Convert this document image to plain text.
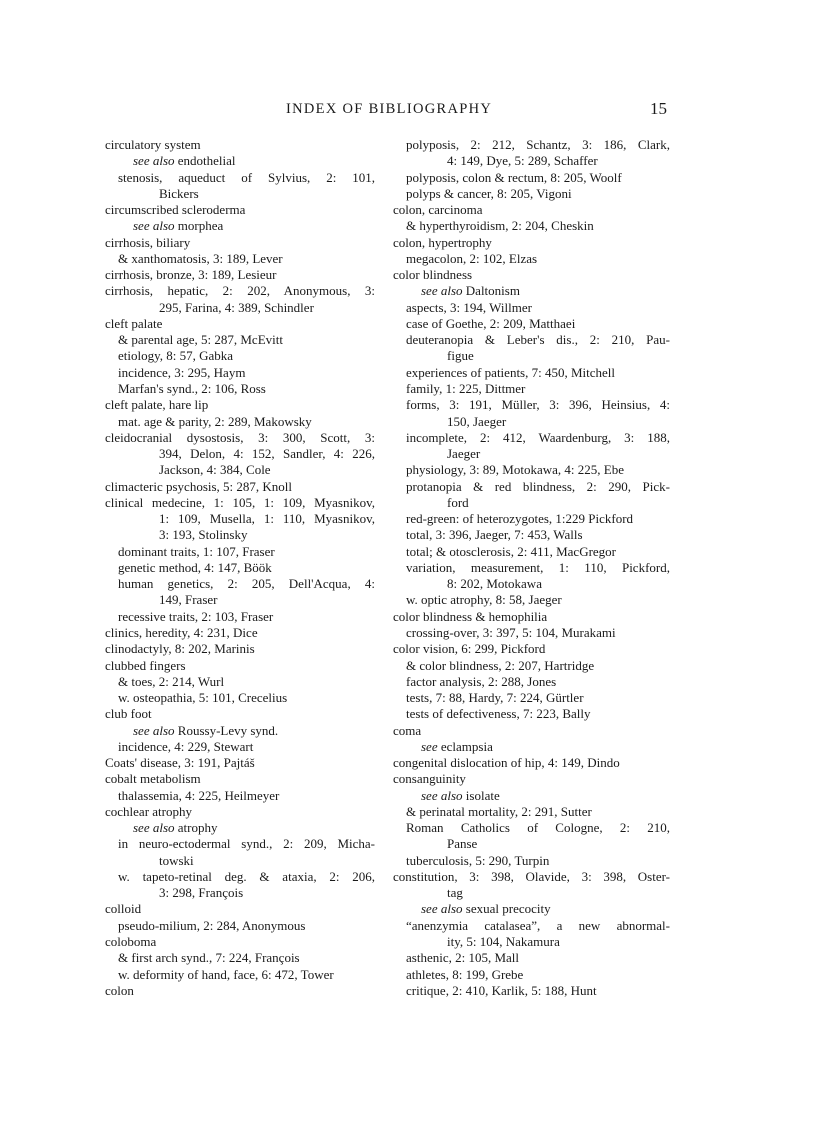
INDEX OF BIBLIOGRAPHY	15
circulatory system
see also endothelial
stenosis, aqueduct of Sylvius, 2: 101,
Bickers
circumscribed scleroderma
see also morphea
cirrhosis, biliary
& xanthomatosis, 3: 189, Lever
cirrhosis, bronze, 3: 189, Lesieur
cirrhosis, hepatic, 2: 202, Anonymous, 3:
295, Farina, 4: 389, Schindler
cleft palate
& parental age, 5: 287, McEvitt
etiology, 8: 57, Gabka
incidence, 3: 295, Haym
Marfan's synd., 2: 106, Ross
cleft palate, hare lip
mat. age & parity, 2: 289, Makowsky
cleidocranial dysostosis, 3: 300, Scott, 3:
394, Delon, 4: 152, Sandler, 4: 226,
Jackson, 4: 384, Cole
climacteric psychosis, 5: 287, Knoll
clinical medecine, 1: 105, 1: 109, Myasnikov,
1: 109, Musella, 1: 110, Myasnikov,
3: 193, Stolinsky
dominant traits, 1: 107, Fraser
genetic method, 4: 147, Böök
human genetics, 2: 205, Dell'Acqua, 4:
149, Fraser
recessive traits, 2: 103, Fraser
clinics, heredity, 4: 231, Dice
clinodactyly, 8: 202, Marinis
clubbed fingers
& toes, 2: 214, Wurl
w. osteopathia, 5: 101, Crecelius
club foot
see also Roussy-Levy synd.
incidence, 4: 229, Stewart
Coats' disease, 3: 191, Pajtáš
cobalt metabolism
thalassemia, 4: 225, Heilmeyer
cochlear atrophy
see also atrophy
in neuro-ectodermal synd., 2: 209, Micha-
towski
w. tapeto-retinal deg. & ataxia, 2: 206,
3: 298, François
colloid
pseudo-milium, 2: 284, Anonymous
coloboma
& first arch synd., 7: 224, François
w. deformity of hand, face, 6: 472, Tower
colon
polyposis, 2: 212, Schantz, 3: 186, Clark,
4: 149, Dye, 5: 289, Schaffer
polyposis, colon & rectum, 8: 205, Woolf
polyps & cancer, 8: 205, Vigoni
colon, carcinoma
& hyperthyroidism, 2: 204, Cheskin
colon, hypertrophy
megacolon, 2: 102, Elzas
color blindness
see also Daltonism
aspects, 3: 194, Willmer
case of Goethe, 2: 209, Matthaei
deuteranopia & Leber's dis., 2: 210, Pau-
figue
experiences of patients, 7: 450, Mitchell
family, 1: 225, Dittmer
forms, 3: 191, Müller, 3: 396, Heinsius, 4:
150, Jaeger
incomplete, 2: 412, Waardenburg, 3: 188,
Jaeger
physiology, 3: 89, Motokawa, 4: 225, Ebe
protanopia & red blindness, 2: 290, Pick-
ford
red-green: of heterozygotes, 1:229 Pickford
total, 3: 396, Jaeger, 7: 453, Walls
total; & otosclerosis, 2: 411, MacGregor
variation, measurement, 1: 110, Pickford,
8: 202, Motokawa
w. optic atrophy, 8: 58, Jaeger
color blindness & hemophilia
crossing-over, 3: 397, 5: 104, Murakami
color vision, 6: 299, Pickford
& color blindness, 2: 207, Hartridge
factor analysis, 2: 288, Jones
tests, 7: 88, Hardy, 7: 224, Gürtler
tests of defectiveness, 7: 223, Bally
coma
see eclampsia
congenital dislocation of hip, 4: 149, Dindo
consanguinity
see also isolate
& perinatal mortality, 2: 291, Sutter
Roman Catholics of Cologne, 2: 210,
Panse
tuberculosis, 5: 290, Turpin
constitution, 3: 398, Olavide, 3: 398, Oster-
tag
see also sexual precocity
“anenzymia catalasea”, a new abnormal-
ity, 5: 104, Nakamura
asthenic, 2: 105, Mall
athletes, 8: 199, Grebe
critique, 2: 410, Karlik, 5: 188, Hunt
